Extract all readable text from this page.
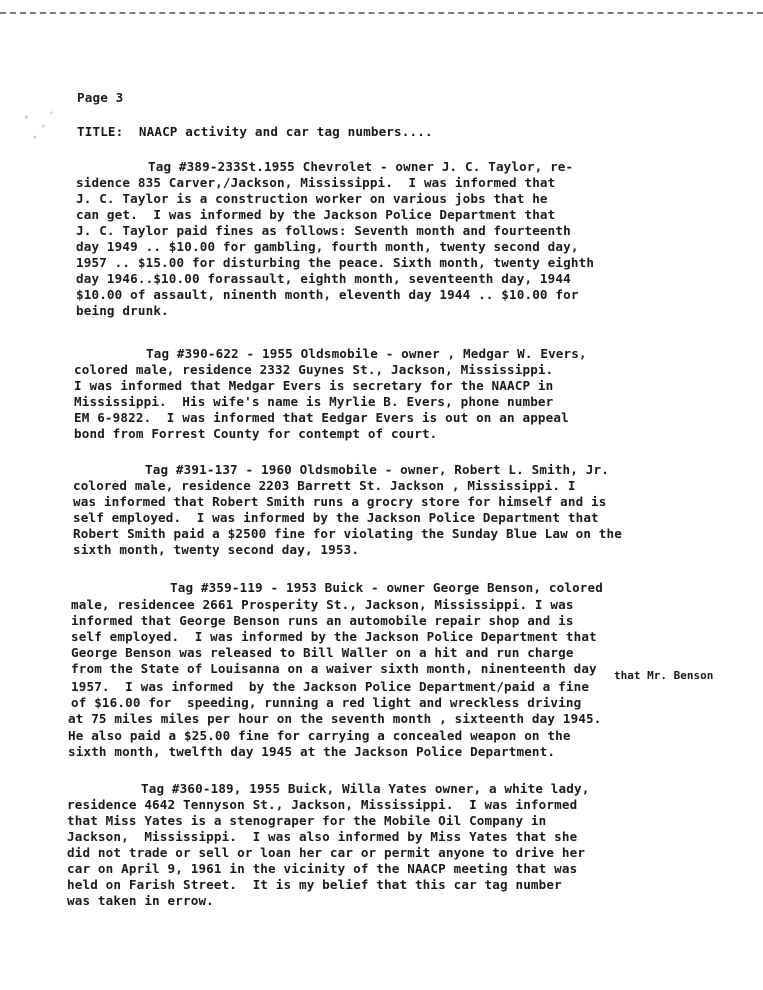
Page 3
TITLE: NAACP activity and car tag numbers....
Tag #389-233St.1955 Chevrolet - owner J. C. Taylor, re-
sidence 835 Carver,/Jackson, Mississippi.  I was informed that
J. C. Taylor is a construction worker on various jobs that he
can get.  I was informed by the Jackson Police Department that
J. C. Taylor paid fines as follows: Seventh month and fourteenth
day 1949 .. $10.00 for gambling, fourth month, twenty second day,
1957 .. $15.00 for disturbing the peace. Sixth month, twenty eighth
day 1946..$10.00 forassault, eighth month, seventeenth day, 1944
$10.00 of assault, ninenth month, eleventh day 1944 .. $10.00 for
being drunk.
Tag #390-622 - 1955 Oldsmobile - owner , Medgar W. Evers,
colored male, residence 2332 Guynes St., Jackson, Mississippi.
I was informed that Medgar Evers is secretary for the NAACP in
Mississippi.  His wife's name is Myrlie B. Evers, phone number
EM 6-9822.  I was informed that Eedgar Evers is out on an appeal
bond from Forrest County for contempt of court.
Tag #391-137 - 1960 Oldsmobile - owner, Robert L. Smith, Jr.
colored male, residence 2203 Barrett St. Jackson , Mississippi. I
was informed that Robert Smith runs a grocry store for himself and is
self employed.  I was informed by the Jackson Police Department that
Robert Smith paid a $2500 fine for violating the Sunday Blue Law on the
sixth month, twenty second day, 1953.
Tag #359-119 - 1953 Buick - owner George Benson, colored
male, residencee 2661 Prosperity St., Jackson, Mississippi. I was
informed that George Benson runs an automobile repair shop and is
self employed.  I was informed by the Jackson Police Department that
George Benson was released to Bill Waller on a hit and run charge
from the State of Louisanna on a waiver sixth month, ninenteenth day
1957.  I was informed  by the Jackson Police Department/paid a fine
that Mr. Benson
of $16.00 for  speeding, running a red light and wreckless driving
at 75 miles miles per hour on the seventh month , sixteenth day 1945.
He also paid a $25.00 fine for carrying a concealed weapon on the
sixth month, twelfth day 1945 at the Jackson Police Department.
Tag #360-189, 1955 Buick, Willa Yates owner, a white lady,
residence 4642 Tennyson St., Jackson, Mississippi.  I was informed
that Miss Yates is a stenograper for the Mobile Oil Company in
Jackson,  Mississippi.  I was also informed by Miss Yates that she
did not trade or sell or loan her car or permit anyone to drive her
car on April 9, 1961 in the vicinity of the NAACP meeting that was
held on Farish Street.  It is my belief that this car tag number
was taken in errow.
